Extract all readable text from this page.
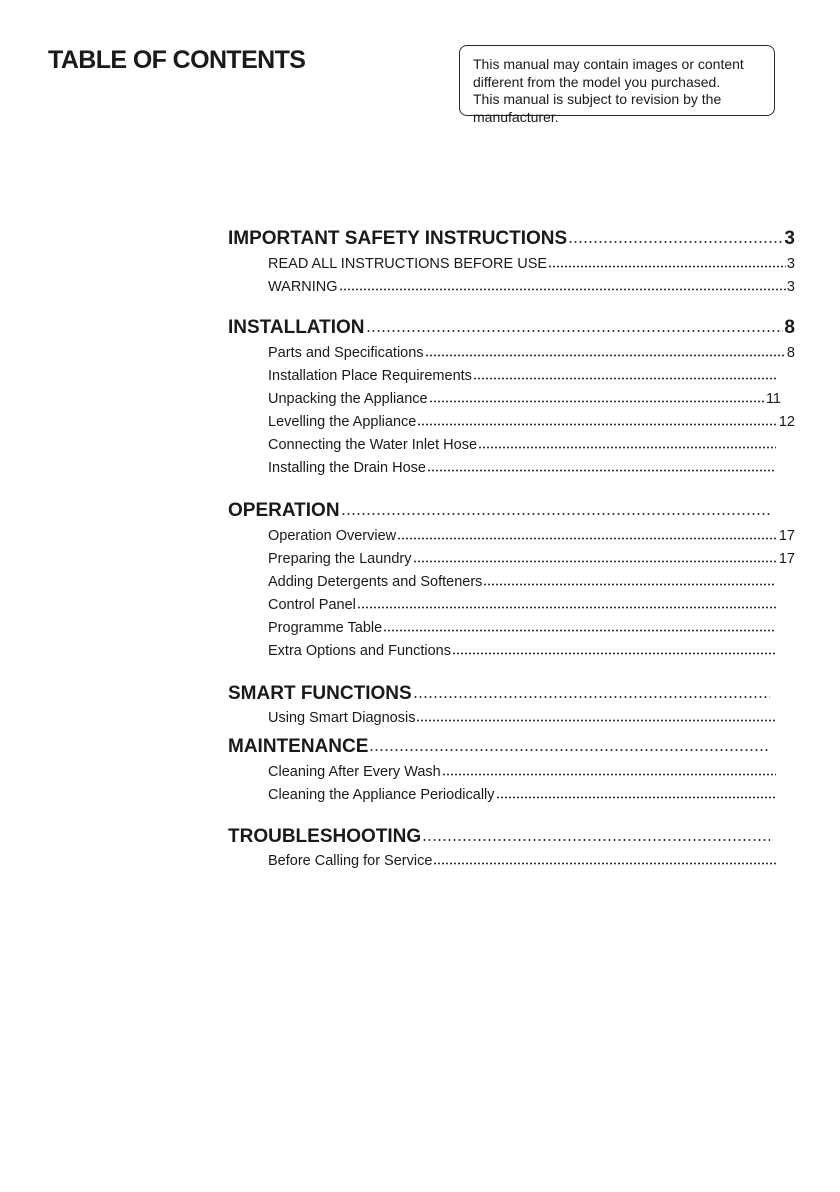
TABLE OF CONTENTS	This manual may contain images or content
different from the model you purchased.
This manual is subject to revision by the
manufacturer.
IMPORTANT SAFETY INSTRUCTIONS	3
READ ALL INSTRUCTIONS BEFORE USE	3
WARNING	3
INSTALLATION	8
Parts and Specifications	8
Installation Place Requirements
Unpacking the Appliance	11
Levelling the Appliance	12
Connecting the Water Inlet Hose
Installing the Drain Hose
OPERATION
Operation Overview	17
Preparing the Laundry	17
Adding Detergents and Softeners
Control Panel
Programme Table
Extra Options and Functions
SMART FUNCTIONS
Using Smart Diagnosis
MAINTENANCE
Cleaning After Every Wash
Cleaning the Appliance Periodically
TROUBLESHOOTING
Before Calling for Service
